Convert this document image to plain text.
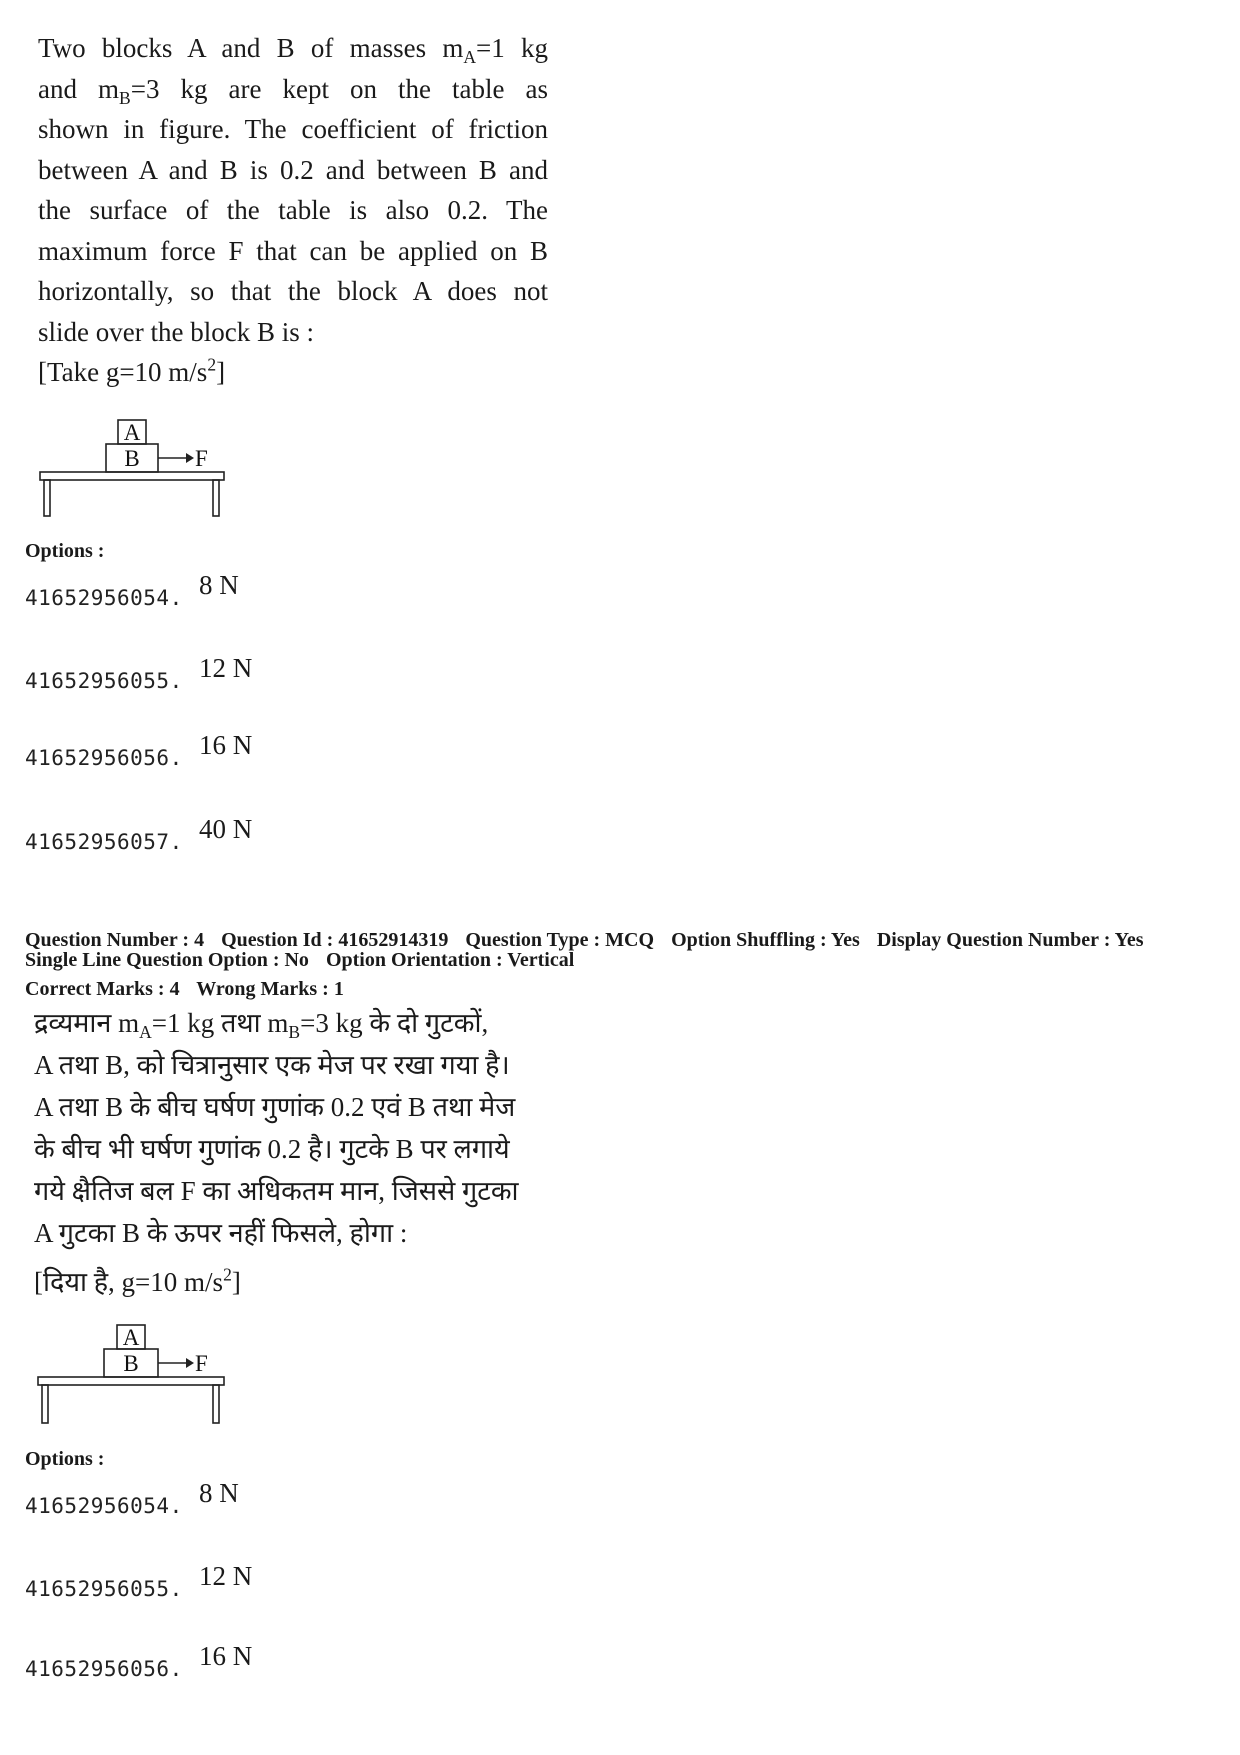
Two blocks A and B of masses $m_A=1$ kg
and $m_B=3$ kg are kept on the table as
shown in figure. The coefficient of friction
between A and B is 0.2 and between B and
the surface of the table is also 0.2. The
maximum force F that can be applied on B
horizontally, so that the block A does not
slide over the block B is :
[Take g=10 $m/s^2$]
A
B F
Options :
41652956054. 8 N
41652956055. 12 N
41652956056. 16 N
41652956057. 40 N
Question Number : 4 Question Id : 41652914319 Question Type : MCQ Option Shuffling : Yes Display Question Number : Yes
Single Line Question Option : No Option Orientation : Vertical
Correct Marks : 4 Wrong Marks : 1
द्रव्यमान $m_A=1$ kg तथा $m_B=3$ kg के दो गुटकों,
A तथा B, को चित्रानुसार एक मेज पर रखा गया है।
A तथा B के बीच घर्षण गुणांक 0.2 एवं B तथा मेज
के बीच भी घर्षण गुणांक 0.2 है। गुटके B पर लगाये
गये क्षैतिज बल F का अधिकतम मान, जिससे गुटका
A गुटका B के ऊपर नहीं फिसले, होगा :
[दिया है, g=10 $m/s^2$]
A
B F
Options :
41652956054. 8 N
41652956055. 12 N
41652956056. 16 N
